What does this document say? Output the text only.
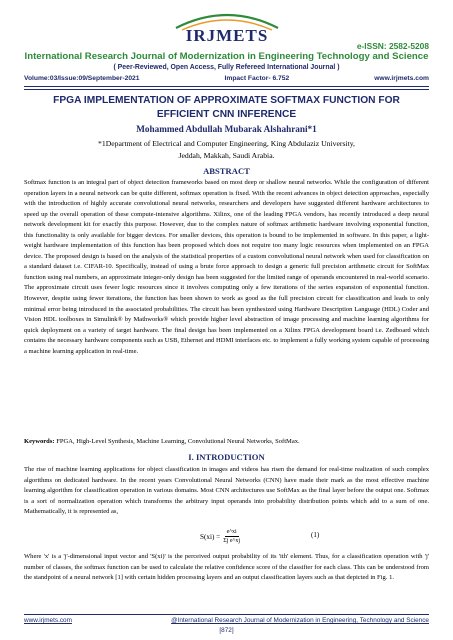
IRJMETS
e-ISSN: 2582-5208
International Research Journal of Modernization in Engineering Technology and Science
( Peer-Reviewed, Open Access, Fully Refereed International Journal )
Volume:03/Issue:09/September-2021	Impact Factor- 6.752	www.irjmets.com
FPGA IMPLEMENTATION OF APPROXIMATE SOFTMAX FUNCTION FOR EFFICIENT CNN INFERENCE
Mohammed Abdullah Mubarak Alshahrani*1
*1Department of Electrical and Computer Engineering, King Abdulaziz University,
Jeddah, Makkah, Saudi Arabia.
ABSTRACT
Softmax function is an integral part of object detection frameworks based on most deep or shallow neural networks. While the configuration of different operation layers in a neural network can be quite different, softmax operation is fixed. With the recent advances in object detection approaches, especially with the introduction of highly accurate convolutional neural networks, researchers and developers have suggested different hardware architectures to speed up the overall operation of these compute-intensive algorithms. Xilinx, one of the leading FPGA vendors, has recently introduced a deep neural network development kit for exactly this purpose. However, due to the complex nature of softmax arithmetic hardware involving exponential function, this functionality is only available for bigger devices. For smaller devices, this operation is bound to be implemented in software. In this paper, a light-weight hardware implementation of this function has been proposed which does not require too many logic resources when implemented on an FPGA device. The proposed design is based on the analysis of the statistical properties of a custom convolutional neural network when used for classification on a standard dataset i.e. CIFAR-10. Specifically, instead of using a brute force approach to design a generic full precision arithmetic circuit for SoftMax function using real numbers, an approximate integer-only design has been suggested for the limited range of operands encountered in real-world scenario. The approximate circuit uses fewer logic resources since it involves computing only a few iterations of the series expansion of exponential function. However, despite using fewer iterations, the function has been shown to work as good as the full precision circuit for classification and leads to only minimal error being introduced in the associated probabilities. The circuit has been synthesized using Hardware Description Language (HDL) Coder and Vision HDL toolboxes in Simulink® by Mathworks® which provide higher level abstraction of image processing and machine learning algorithms for quick deployment on a variety of target hardware. The final design has been implemented on a Xilinx FPGA development board i.e. Zedboard which contains the necessary hardware components such as USB, Ethernet and HDMI interfaces etc. to implement a fully working system capable of processing a machine learning application in real-time.
Keywords: FPGA, High-Level Synthesis, Machine Learning, Convolutional Neural Networks, SoftMax.
I. INTRODUCTION
The rise of machine learning applications for object classification in images and videos has risen the demand for real-time realization of such complex algorithms on dedicated hardware. In the recent years Convolutional Neural Networks (CNN) have made their mark as the most effective machine learning algorithm for classification operation in various domains. Most CNN architectures use SoftMax as the final layer before the output one. Softmax is a sort of normalization operation which transforms the arbitrary input operands into probability distribution points which add to a sum of one. Mathematically, it is represented as,
$S(xi) = \frac{e\^{}xi}{\text{Σj e\textasciicircum{}xj}}$	(1)
Where 'x' is a 'j'-dimensional input vector and 'S(xi)' is the perceived output probability of its 'ith' element. Thus, for a classification operation with 'j' number of classes, the softmax function can be used to calculate the relative confidence score of the classifier for each class. This can be understood from the standpoint of a neural network [1] with certain hidden processing layers and an output classification layers such as that depicted in Fig. 1.
www.irjmets.com	@International Research Journal of Modernization in Engineering, Technology and Science
[872]
